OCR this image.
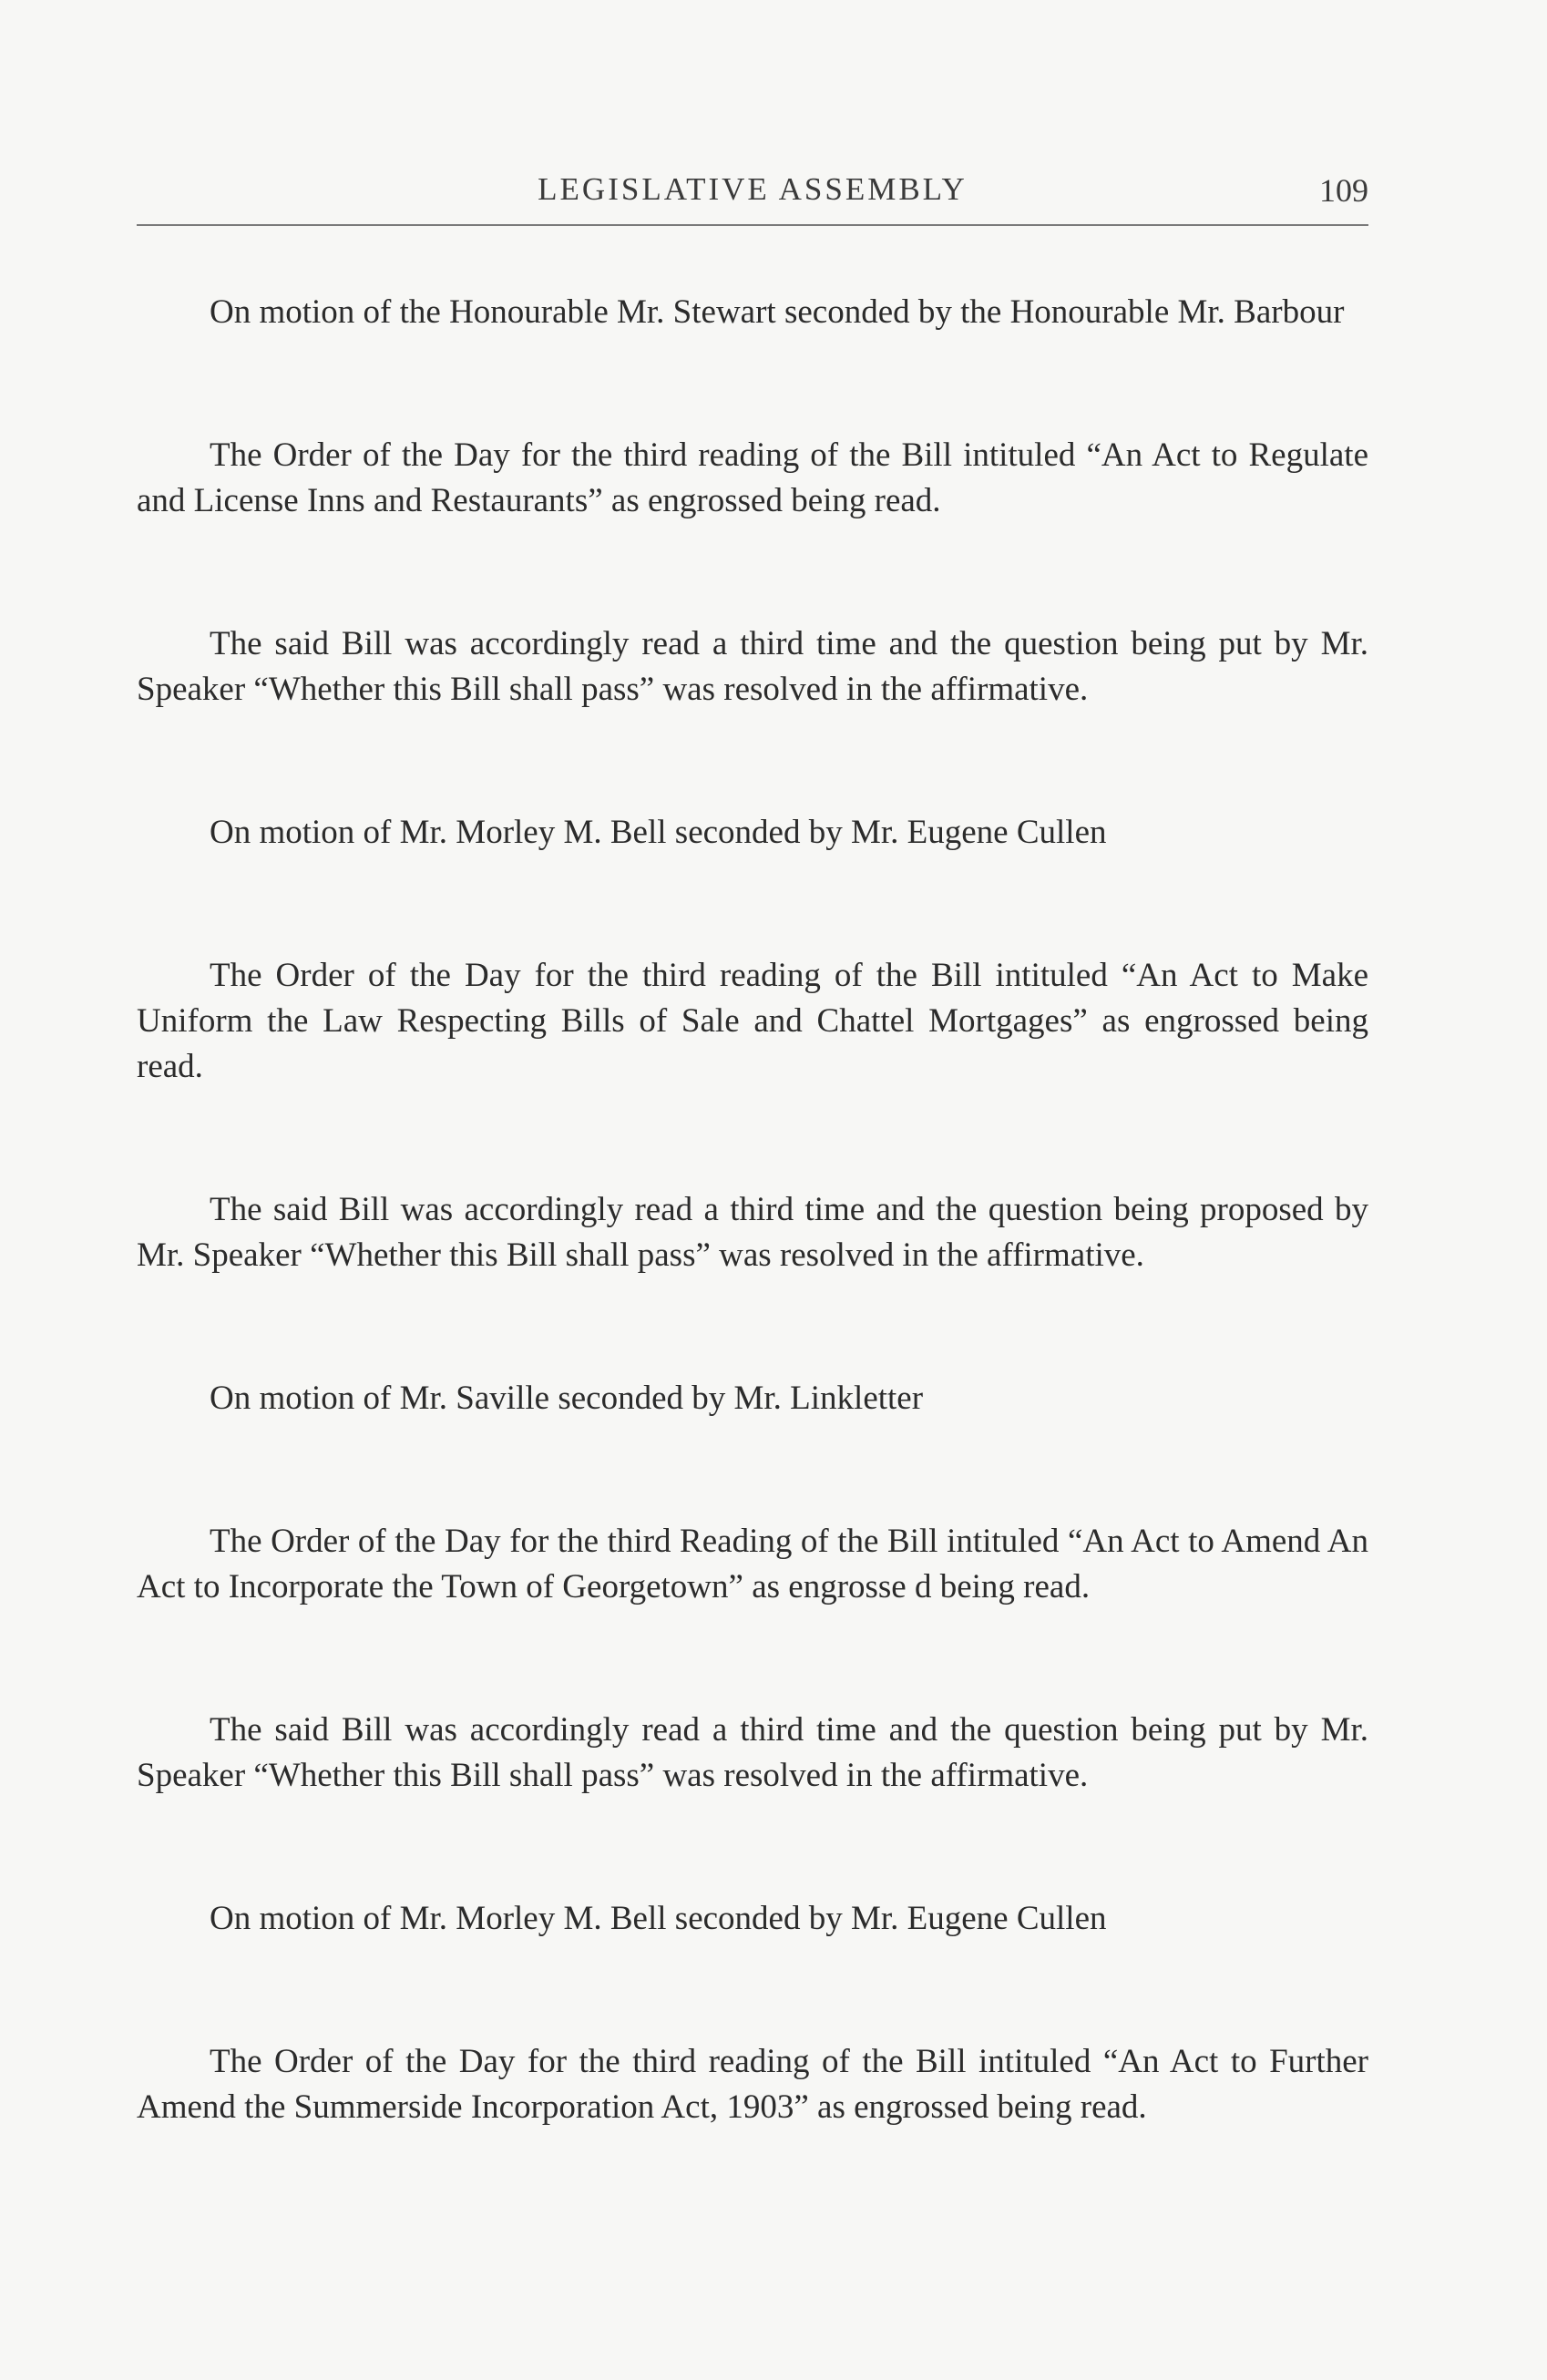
LEGISLATIVE ASSEMBLY	109

On motion of the Honourable Mr. Stewart seconded by the Honourable Mr. Barbour

The Order of the Day for the third reading of the Bill intituled “An Act to Regulate and License Inns and Restaurants” as engrossed being read.

The said Bill was accordingly read a third time and the question being put by Mr. Speaker “Whether this Bill shall pass” was resolved in the affirmative.

On motion of Mr. Morley M. Bell seconded by Mr. Eugene Cullen

The Order of the Day for the third reading of the Bill intituled “An Act to Make Uniform the Law Respecting Bills of Sale and Chattel Mortgages” as engrossed being read.

The said Bill was accordingly read a third time and the question being proposed by Mr. Speaker “Whether this Bill shall pass” was resolved in the affirmative.

On motion of Mr. Saville seconded by Mr. Linkletter

The Order of the Day for the third Reading of the Bill intituled “An Act to Amend An Act to Incorporate the Town of Georgetown” as engrosse d being read.

The said Bill was accordingly read a third time and the question being put by Mr. Speaker “Whether this Bill shall pass” was resolved in the affirmative.

On motion of Mr. Morley M. Bell seconded by Mr. Eugene Cullen

The Order of the Day for the third reading of the Bill intituled “An Act to Further Amend the Summerside Incorporation Act, 1903” as engrossed being read.
